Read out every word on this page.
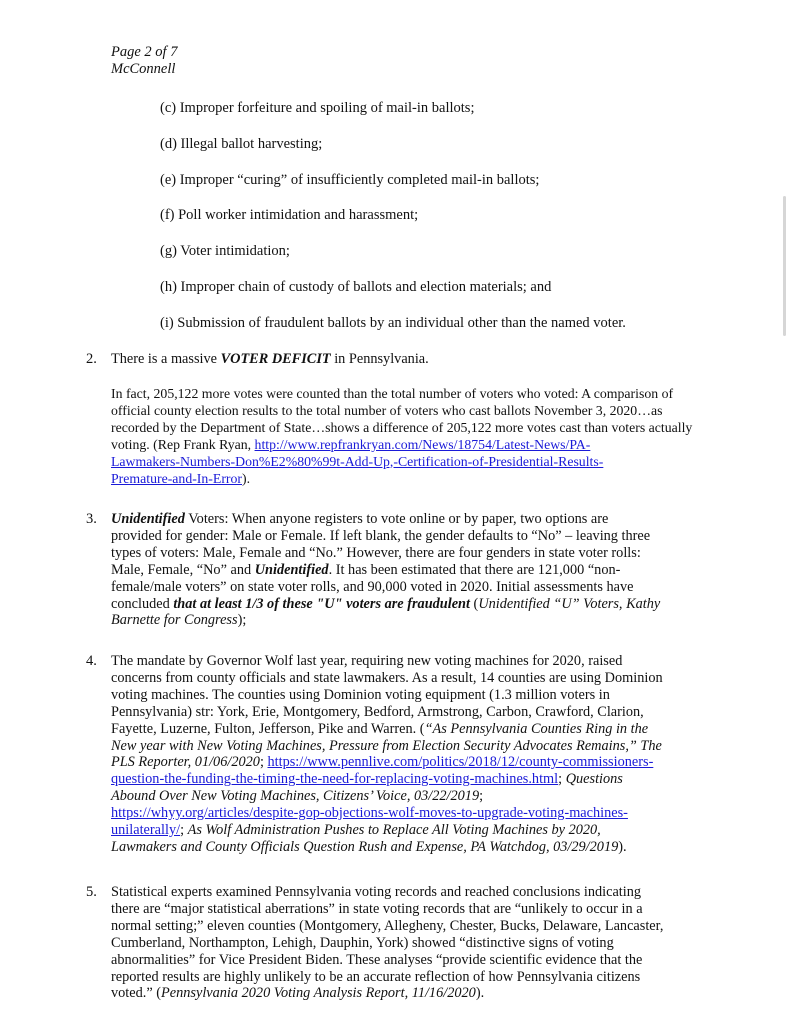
Page 2 of 7
McConnell
(c) Improper forfeiture and spoiling of mail-in ballots;
(d) Illegal ballot harvesting;
(e) Improper “curing” of insufficiently completed mail-in ballots;
(f) Poll worker intimidation and harassment;
(g) Voter intimidation;
(h) Improper chain of custody of ballots and election materials; and
(i) Submission of fraudulent ballots by an individual other than the named voter.
2. There is a massive VOTER DEFICIT in Pennsylvania.
In fact, 205,122 more votes were counted than the total number of voters who voted: A comparison of
official county election results to the total number of voters who cast ballots November 3, 2020…as
recorded by the Department of State…shows a difference of 205,122 more votes cast than voters actually
voting. (Rep Frank Ryan, http://www.repfrankryan.com/News/18754/Latest-News/PA-
Lawmakers-Numbers-Don%E2%80%99t-Add-Up,-Certification-of-Presidential-Results-
Premature-and-In-Error).
3. Unidentified Voters: When anyone registers to vote online or by paper, two options are
provided for gender: Male or Female. If left blank, the gender defaults to “No” – leaving three
types of voters: Male, Female and “No.” However, there are four genders in state voter rolls:
Male, Female, “No” and Unidentified. It has been estimated that there are 121,000 “non-
female/male voters” on state voter rolls, and 90,000 voted in 2020. Initial assessments have
concluded that at least 1/3 of these "U" voters are fraudulent (Unidentified “U” Voters, Kathy
Barnette for Congress);
4. The mandate by Governor Wolf last year, requiring new voting machines for 2020, raised
concerns from county officials and state lawmakers. As a result, 14 counties are using Dominion
voting machines. The counties using Dominion voting equipment (1.3 million voters in
Pennsylvania) str: York, Erie, Montgomery, Bedford, Armstrong, Carbon, Crawford, Clarion,
Fayette, Luzerne, Fulton, Jefferson, Pike and Warren. (“As Pennsylvania Counties Ring in the
New year with New Voting Machines, Pressure from Election Security Advocates Remains,” The
PLS Reporter, 01/06/2020; https://www.pennlive.com/politics/2018/12/county-commissioners-
question-the-funding-the-timing-the-need-for-replacing-voting-machines.html; Questions
Abound Over New Voting Machines, Citizens’ Voice, 03/22/2019;
https://whyy.org/articles/despite-gop-objections-wolf-moves-to-upgrade-voting-machines-
unilaterally/; As Wolf Administration Pushes to Replace All Voting Machines by 2020,
Lawmakers and County Officials Question Rush and Expense, PA Watchdog, 03/29/2019).
5. Statistical experts examined Pennsylvania voting records and reached conclusions indicating
there are “major statistical aberrations” in state voting records that are “unlikely to occur in a
normal setting;” eleven counties (Montgomery, Allegheny, Chester, Bucks, Delaware, Lancaster,
Cumberland, Northampton, Lehigh, Dauphin, York) showed “distinctive signs of voting
abnormalities” for Vice President Biden. These analyses “provide scientific evidence that the
reported results are highly unlikely to be an accurate reflection of how Pennsylvania citizens
voted.” (Pennsylvania 2020 Voting Analysis Report, 11/16/2020).
